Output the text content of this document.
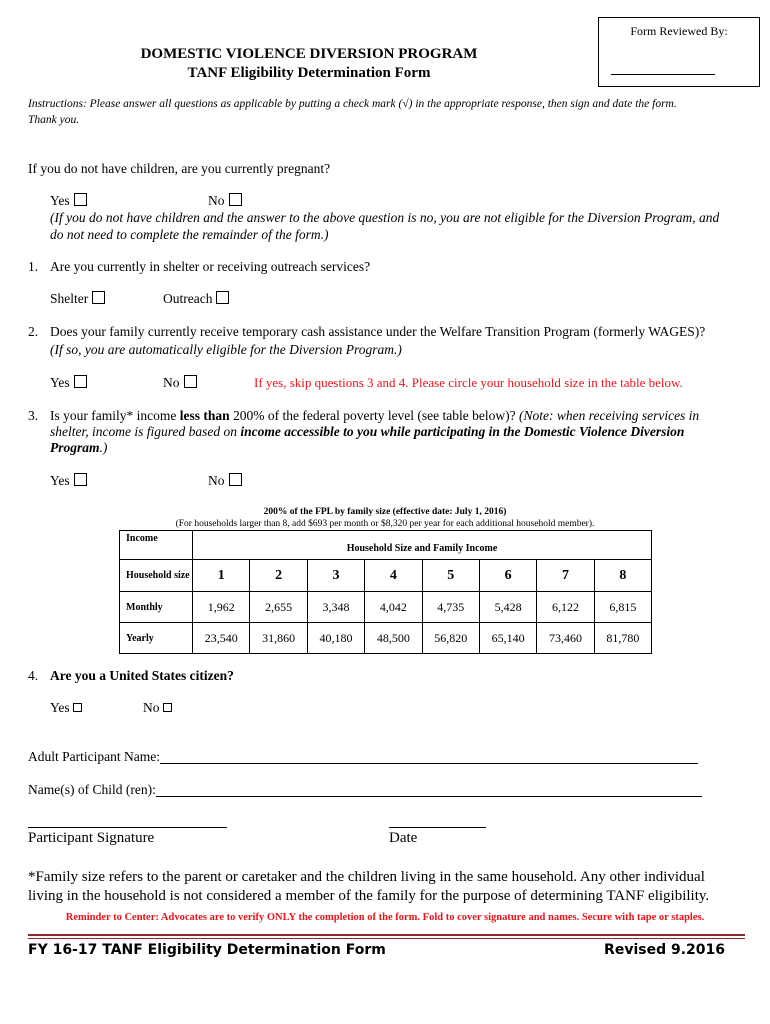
Form Reviewed By:
DOMESTIC VIOLENCE DIVERSION PROGRAM
TANF Eligibility Determination Form
Instructions: Please answer all questions as applicable by putting a check mark (√) in the appropriate response, then sign and date the form.
Thank you.
If you do not have children, are you currently pregnant?
Yes	No
(If you do not have children and the answer to the above question is no, you are not eligible for the Diversion Program, and
do not need to complete the remainder of the form.)
1. Are you currently in shelter or receiving outreach services?
Shelter	Outreach
2. Does your family currently receive temporary cash assistance under the Welfare Transition Program (formerly WAGES)?
(If so, you are automatically eligible for the Diversion Program.)
Yes	No	If yes, skip questions 3 and 4. Please circle your household size in the table below.
3. Is your family* income less than 200% of the federal poverty level (see table below)? (Note: when receiving services in
shelter, income is figured based on income accessible to you while participating in the Domestic Violence Diversion
Program.)
Yes	No
200% of the FPL by family size (effective date: July 1, 2016)
(For households larger than 8, add $693 per month or $8,320 per year for each additional household member).
Income	Household Size and Family Income							
Household size	1	2	3	4	5	6	7	8
Monthly	1,962	2,655	3,348	4,042	4,735	5,428	6,122	6,815
Yearly	23,540	31,860	40,180	48,500	56,820	65,140	73,460	81,780
4. Are you a United States citizen?
Yes	No
Adult Participant Name:
Name(s) of Child (ren):
Participant Signature	Date
*Family size refers to the parent or caretaker and the children living in the same household. Any other individual
living in the household is not considered a member of the family for the purpose of determining TANF eligibility.
Reminder to Center: Advocates are to verify ONLY the completion of the form. Fold to cover signature and names. Secure with tape or staples.
FY 16-17 TANF Eligibility Determination Form	Revised 9.2016
